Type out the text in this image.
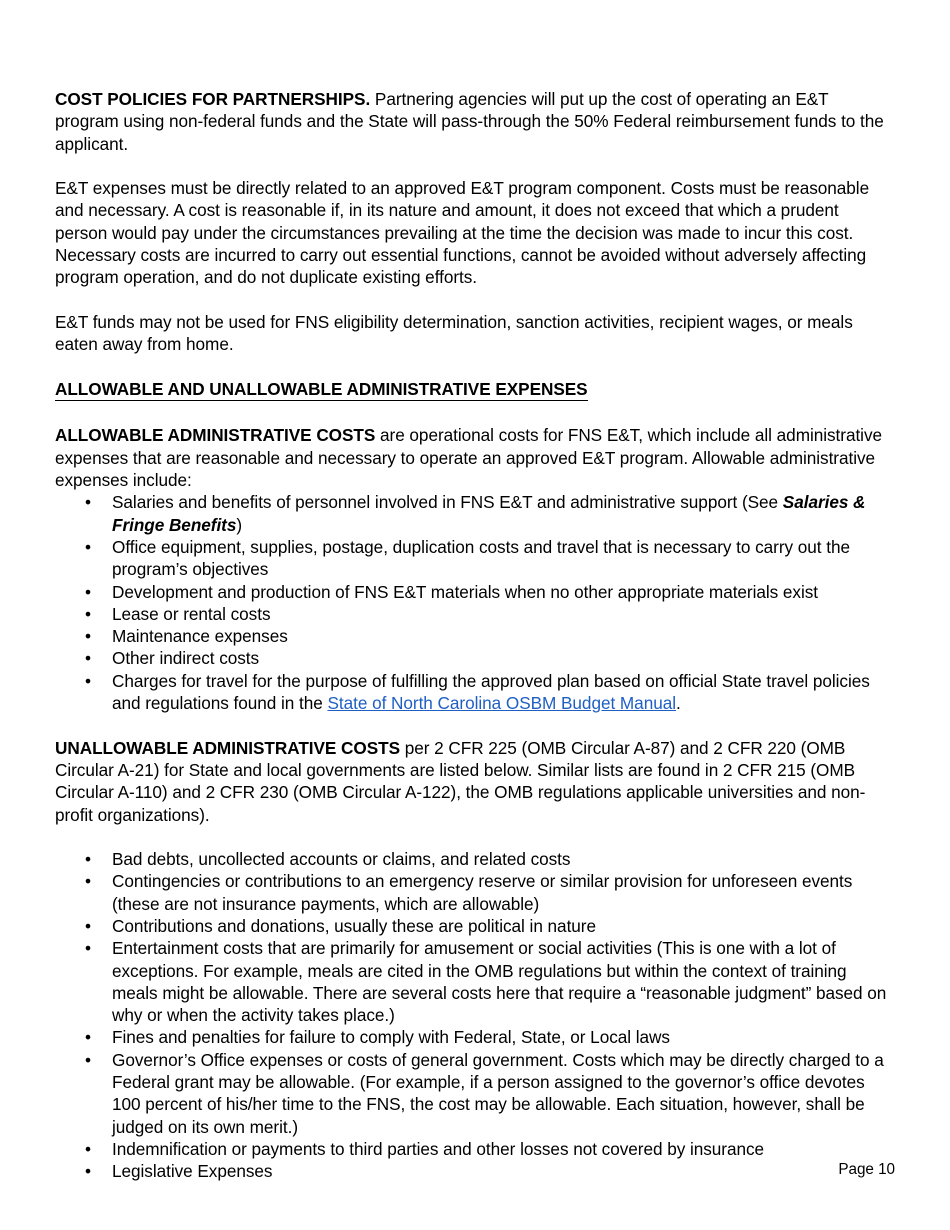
COST POLICIES FOR PARTNERSHIPS. Partnering agencies will put up the cost of operating an E&T program using non-federal funds and the State will pass-through the 50% Federal reimbursement funds to the applicant.

E&T expenses must be directly related to an approved E&T program component. Costs must be reasonable and necessary. A cost is reasonable if, in its nature and amount, it does not exceed that which a prudent person would pay under the circumstances prevailing at the time the decision was made to incur this cost. Necessary costs are incurred to carry out essential functions, cannot be avoided without adversely affecting program operation, and do not duplicate existing efforts.

E&T funds may not be used for FNS eligibility determination, sanction activities, recipient wages, or meals eaten away from home.

ALLOWABLE AND UNALLOWABLE ADMINISTRATIVE EXPENSES

ALLOWABLE ADMINISTRATIVE COSTS are operational costs for FNS E&T, which include all administrative expenses that are reasonable and necessary to operate an approved E&T program. Allowable administrative expenses include:

• Salaries and benefits of personnel involved in FNS E&T and administrative support (See Salaries & Fringe Benefits)
• Office equipment, supplies, postage, duplication costs and travel that is necessary to carry out the program’s objectives
• Development and production of FNS E&T materials when no other appropriate materials exist
• Lease or rental costs
• Maintenance expenses
• Other indirect costs
• Charges for travel for the purpose of fulfilling the approved plan based on official State travel policies and regulations found in the State of North Carolina OSBM Budget Manual.

UNALLOWABLE ADMINISTRATIVE COSTS per 2 CFR 225 (OMB Circular A-87) and 2 CFR 220 (OMB Circular A-21) for State and local governments are listed below. Similar lists are found in 2 CFR 215 (OMB Circular A-110) and 2 CFR 230 (OMB Circular A-122), the OMB regulations applicable universities and non-profit organizations).

• Bad debts, uncollected accounts or claims, and related costs
• Contingencies or contributions to an emergency reserve or similar provision for unforeseen events (these are not insurance payments, which are allowable)
• Contributions and donations, usually these are political in nature
• Entertainment costs that are primarily for amusement or social activities (This is one with a lot of exceptions. For example, meals are cited in the OMB regulations but within the context of training meals might be allowable. There are several costs here that require a “reasonable judgment” based on why or when the activity takes place.)
• Fines and penalties for failure to comply with Federal, State, or Local laws
• Governor’s Office expenses or costs of general government. Costs which may be directly charged to a Federal grant may be allowable. (For example, if a person assigned to the governor’s office devotes 100 percent of his/her time to the FNS, the cost may be allowable. Each situation, however, shall be judged on its own merit.)
• Indemnification or payments to third parties and other losses not covered by insurance
• Legislative Expenses	Page 10
